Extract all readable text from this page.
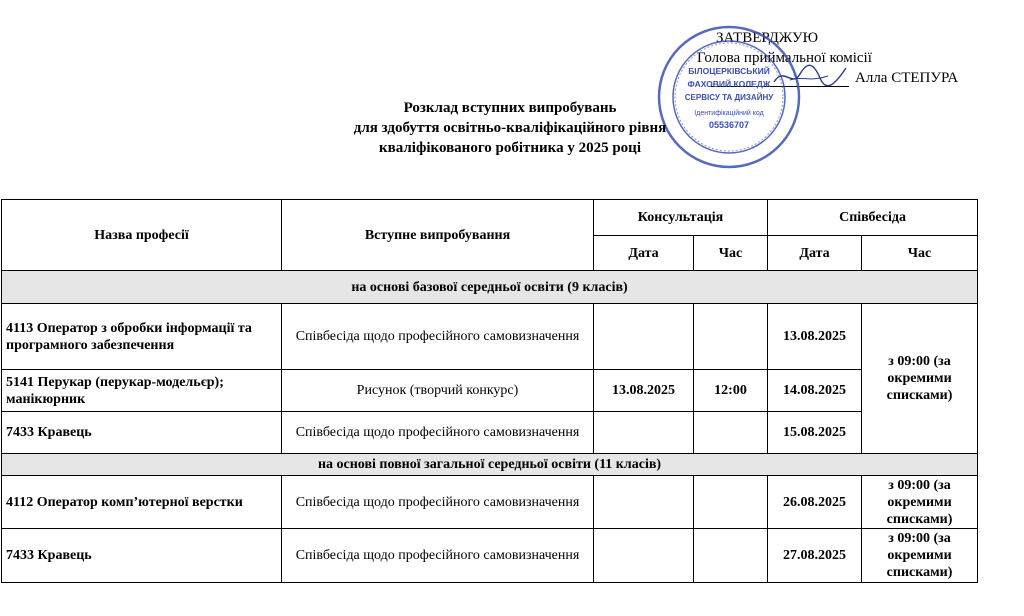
ЗАТВЕРДЖУЮ
Голова приймальної комісії
Алла СТЕПУРА
БІЛОЦЕРКІВСЬКИЙ
ФАХОВИЙ КОЛЕДЖ
СЕРВІСУ ТА ДИЗАЙНУ
Ідентифікаційний код
05536707
Розклад вступних випробувань
для здобуття освітньо-кваліфікаційного рівня
кваліфікованого робітника у 2025 році
Назва професії	Вступне випробування	Консультація		Співбесіда	
		Дата	Час	Дата	Час
на основі базової середньої освіти (9 класів)					
4113 Оператор з обробки інформації та програмного забезпечення	Співбесіда щодо професійного самовизначення			13.08.2025	з 09:00 (за окремими списками)
5141 Перукар (перукар-модельєр); манікюрник	Рисунок (творчий конкурс)	13.08.2025	12:00	14.08.2025	
7433 Кравець	Співбесіда щодо професійного самовизначення			15.08.2025	
на основі повної загальної середньої освіти (11 класів)					
4112 Оператор комп’ютерної верстки	Співбесіда щодо професійного самовизначення			26.08.2025	з 09:00 (за окремими списками)
7433 Кравець	Співбесіда щодо професійного самовизначення			27.08.2025	з 09:00 (за окремими списками)
